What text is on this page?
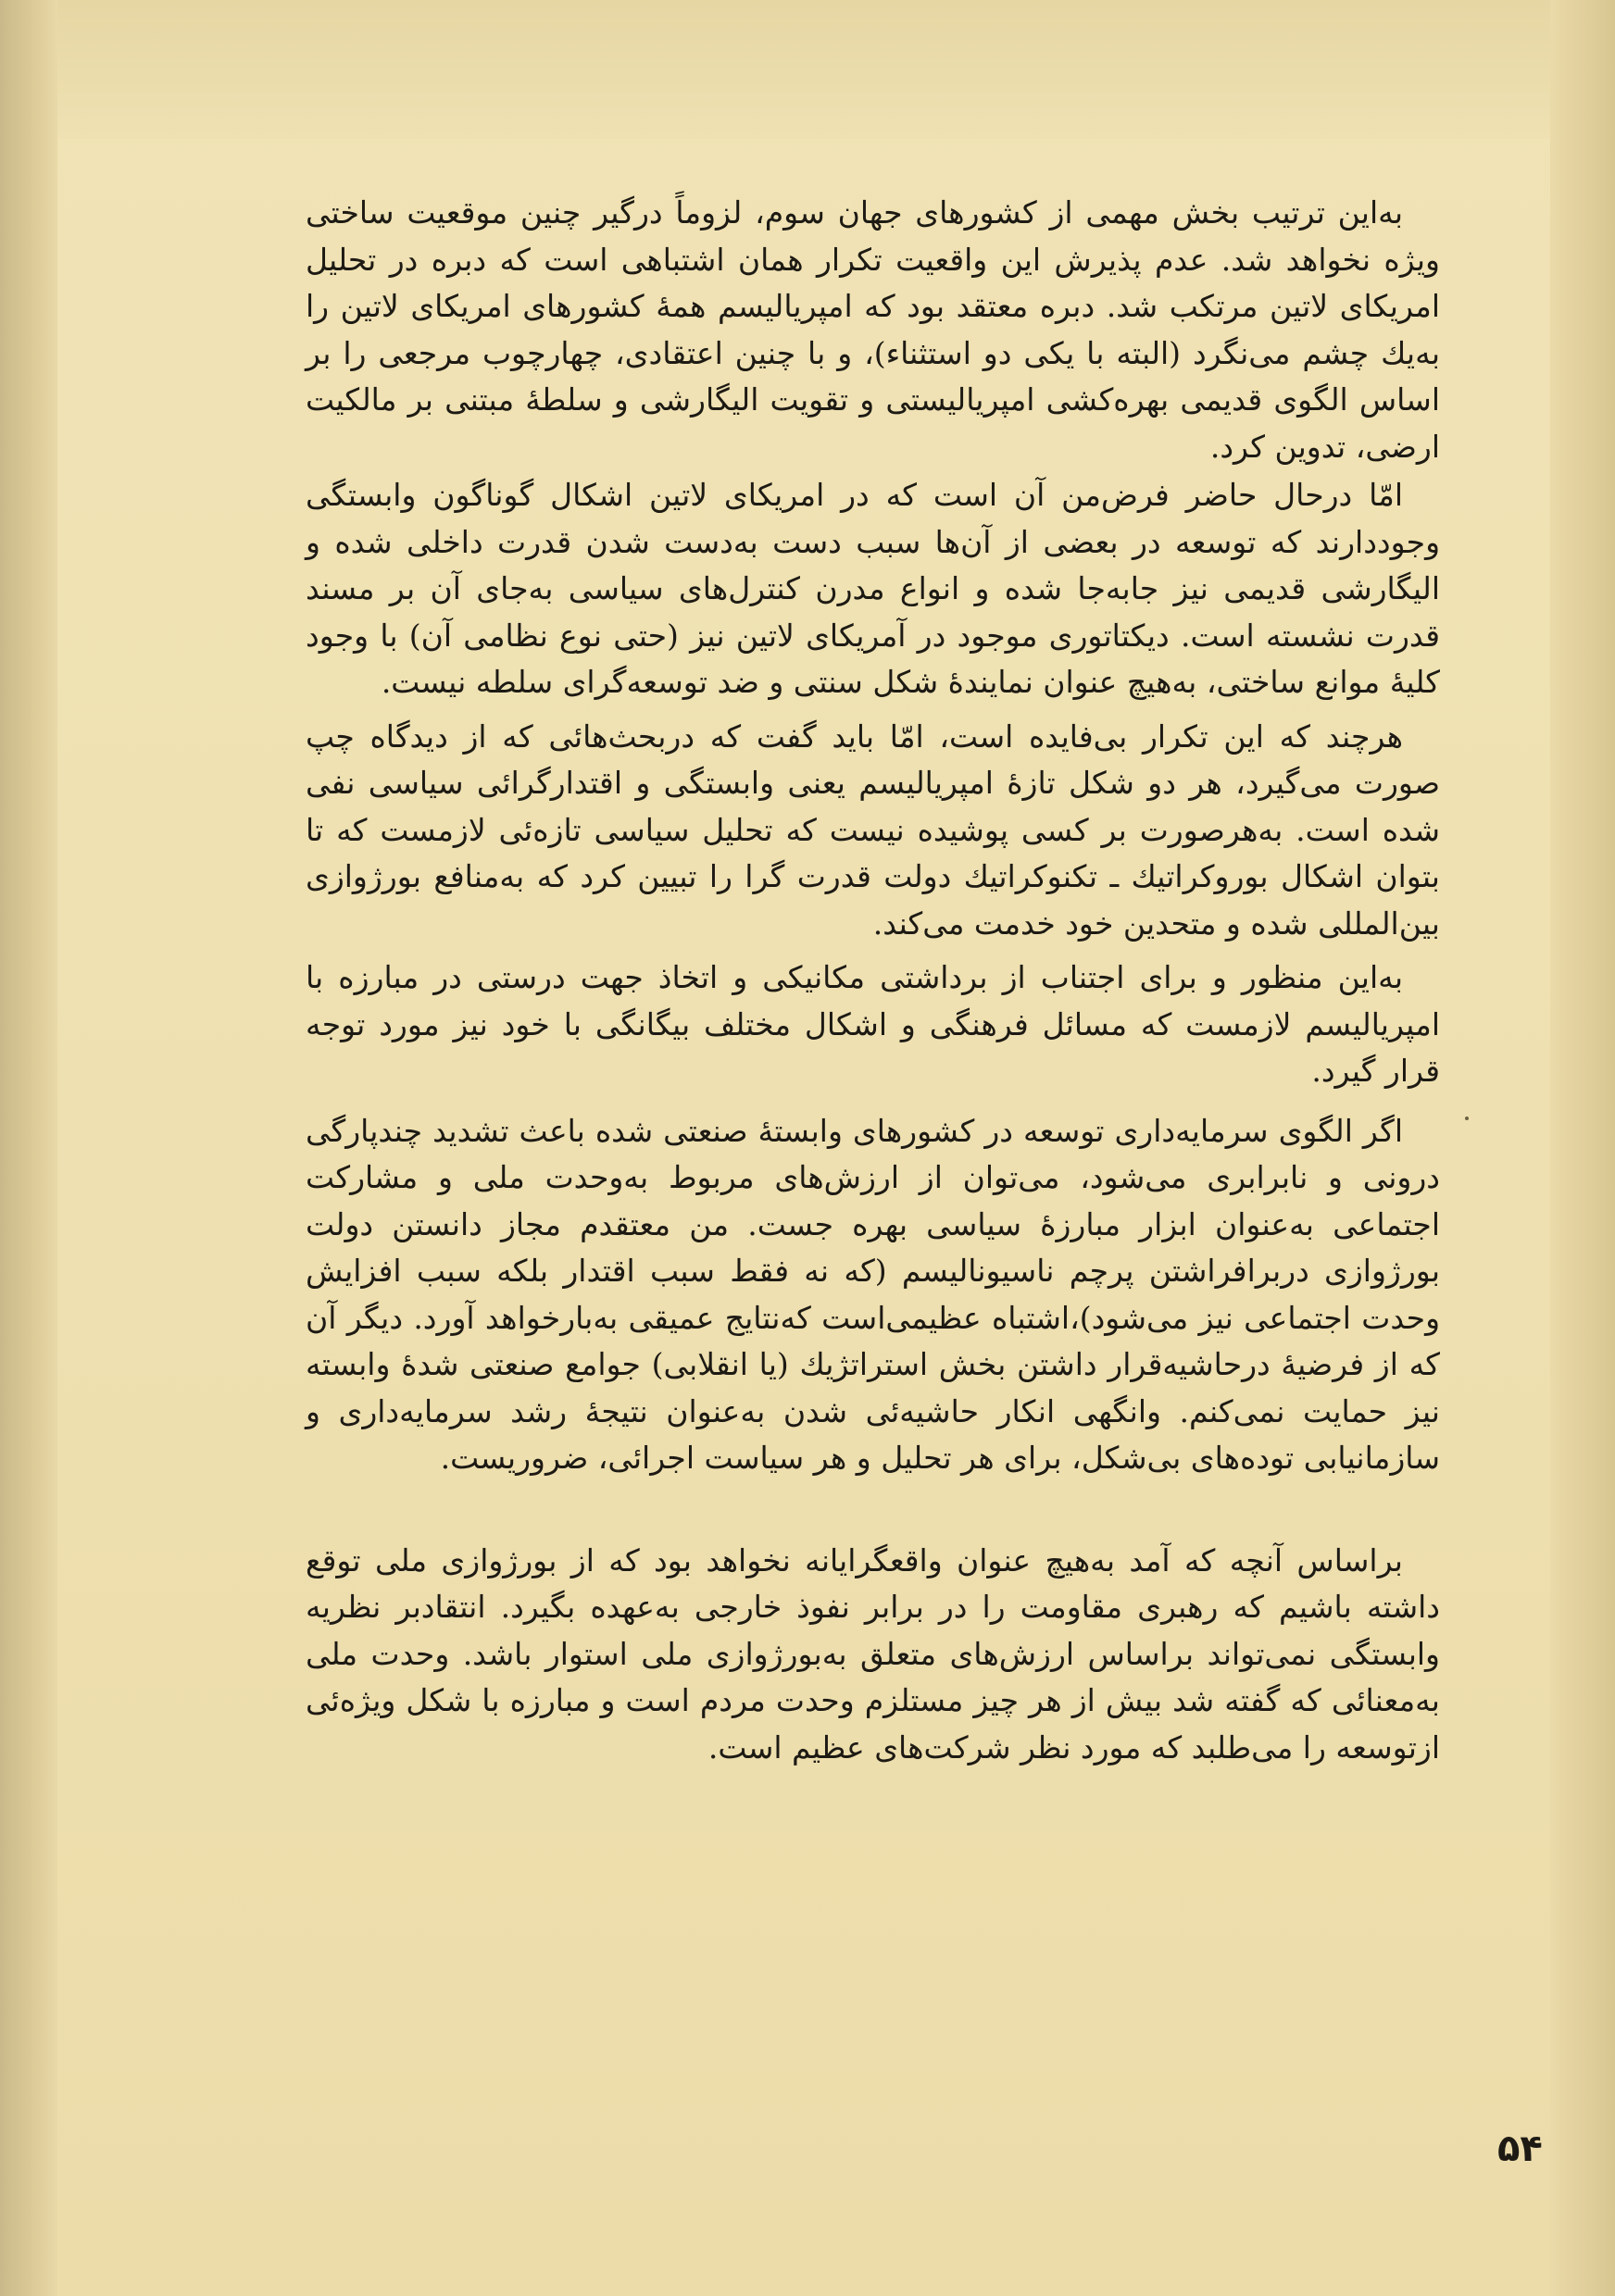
به‌این ترتیب بخش مهمی از کشورهای جهان سوم، لزوماً درگیر چنین موقعیت ساختی ویژه نخواهد شد. عدم پذیرش این واقعیت تکرار همان اشتباهی است که دبره در تحلیل امریکای لاتین مرتکب شد. دبره معتقد بود که امپریالیسم همهٔ کشورهای امریکای لاتین را به‌یك چشم می‌نگرد (البته با یکی دو استثناء)، و با چنین اعتقادی، چهارچوب مرجعی را بر اساس الگوی قدیمی بهره‌کشی امپریالیستی و تقویت الیگارشی و سلطهٔ مبتنی بر مالکیت ارضی، تدوین کرد.

امّا درحال حاضر فرض‌من آن است که در امریکای لاتین اشکال گوناگون وابستگی وجوددارند که توسعه در بعضی از آن‌ها سبب دست به‌دست شدن قدرت داخلی شده و الیگارشی قدیمی نیز جابه‌جا شده و انواع مدرن کنترل‌های سیاسی به‌جای آن بر مسند قدرت نشسته است. دیکتاتوری موجود در آمریکای لاتین نیز (حتی نوع نظامی آن) با وجود کلیهٔ موانع ساختی، به‌هیچ عنوان نمایندهٔ شکل سنتی و ضد توسعه‌گرای سلطه نیست.

هرچند که این تکرار بی‌فایده است، امّا باید گفت که دربحث‌هائی که از دیدگاه چپ صورت می‌گیرد، هر دو شکل تازهٔ امپریالیسم یعنی وابستگی و اقتدارگرائی سیاسی نفی شده است. به‌هرصورت بر کسی پوشیده نیست که تحلیل سیاسی تازه‌ئی لازمست که تا بتوان اشکال بوروکراتیك ـ تکنوکراتیك دولت قدرت گرا را تبیین کرد که به‌منافع بورژوازی بین‌المللی شده و متحدین خود خدمت می‌کند.

به‌این منظور و برای اجتناب از برداشتی مکانیکی و اتخاذ جهت درستی در مبارزه با امپریالیسم لازمست که مسائل فرهنگی و اشکال مختلف بیگانگی با خود نیز مورد توجه قرار گیرد.

اگر الگوی سرمایه‌داری توسعه در کشورهای وابستهٔ صنعتی شده باعث تشدید چندپارگی درونی و نابرابری می‌شود، می‌توان از ارزش‌های مربوط به‌وحدت ملی و مشارکت اجتماعی به‌عنوان ابزار مبارزهٔ سیاسی بهره جست. من معتقدم مجاز دانستن دولت بورژوازی دربرافراشتن پرچم ناسیونالیسم (که نه فقط سبب اقتدار بلکه سبب افزایش وحدت اجتماعی نیز می‌شود)،اشتباه عظیمی‌است که‌نتایج عمیقی به‌بارخواهد آورد. دیگر آن که از فرضیهٔ درحاشیه‌قرار داشتن بخش استراتژیك (یا انقلابی) جوامع صنعتی شدهٔ وابسته نیز حمایت نمی‌کنم. وانگهی انکار حاشیه‌ئی شدن به‌عنوان نتیجهٔ رشد سرمایه‌داری و سازمانیابی توده‌های بی‌شکل، برای هر تحلیل و هر سیاست اجرائی، ضروریست.

براساس آنچه که آمد به‌هیچ عنوان واقعگرایانه نخواهد بود که از بورژوازی ملی توقع داشته باشیم که رهبری مقاومت را در برابر نفوذ خارجی به‌عهده بگیرد. انتقادبر نظریه وابستگی نمی‌تواند براساس ارزش‌های متعلق به‌بورژوازی ملی استوار باشد. وحدت ملی به‌معنائی که گفته شد بیش از هر چیز مستلزم وحدت مردم است و مبارزه با شکل ویژه‌ئی ازتوسعه را می‌طلبد که مورد نظر شرکت‌های عظیم است.

۵۴
